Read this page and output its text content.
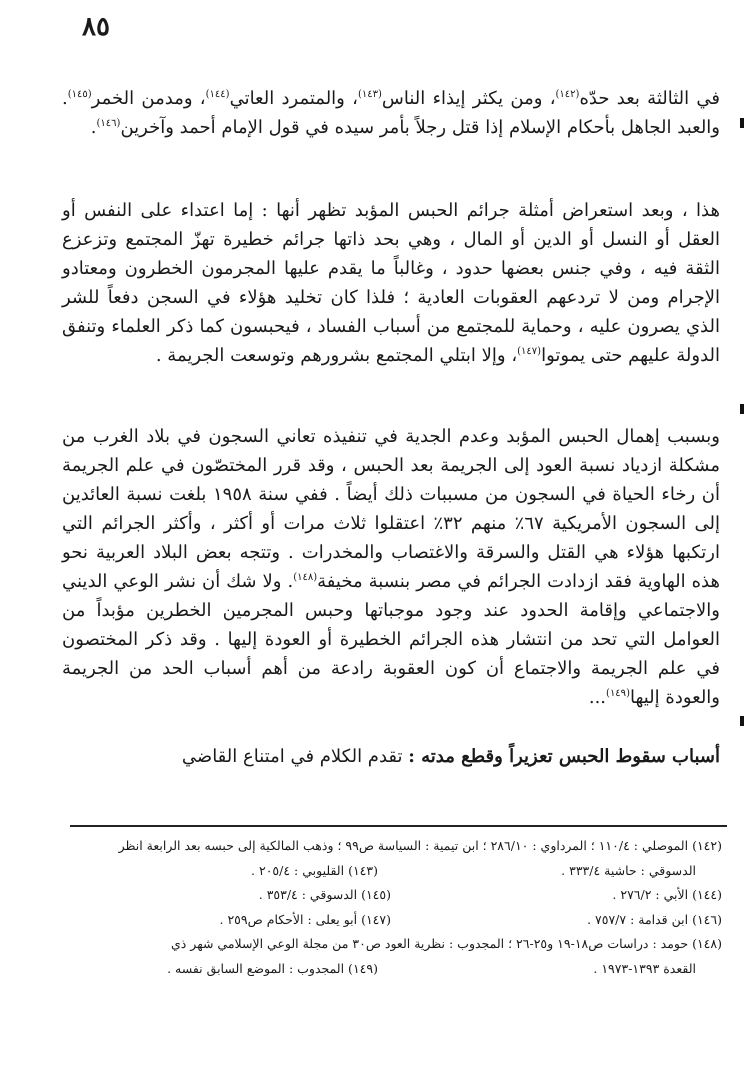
٨٥
في الثالثة بعد حدّه$^{(١٤٢)}$، ومن يكثر إيذاء الناس$^{(١٤٣)}$، والمتمرد العاتي$^{(١٤٤)}$، ومدمن الخمر$^{(١٤٥)}$. والعبد الجاهل بأحكام الإسلام إذا قتل رجلاً بأمر سيده في قول الإمام أحمد وآخرين$^{(١٤٦)}$.
هذا ، وبعد استعراض أمثلة جرائم الحبس المؤبد تظهر أنها : إما اعتداء على النفس أو العقل أو النسل أو الدين أو المال ، وهي بحد ذاتها جرائم خطيرة تهزّ المجتمع وتزعزع الثقة فيه ، وفي جنس بعضها حدود ، وغالباً ما يقدم عليها المجرمون الخطرون ومعتادو الإجرام ومن لا تردعهم العقوبات العادية ؛ فلذا كان تخليد هؤلاء في السجن دفعاً للشر الذي يصرون عليه ، وحماية للمجتمع من أسباب الفساد ، فيحبسون كما ذكر العلماء وتنفق الدولة عليهم حتى يموتوا$^{(١٤٧)}$، وإلا ابتلي المجتمع بشرورهم وتوسعت الجريمة .
وبسبب إهمال الحبس المؤبد وعدم الجدية في تنفيذه تعاني السجون في بلاد الغرب من مشكلة ازدياد نسبة العود إلى الجريمة بعد الحبس ، وقد قرر المختصّون في علم الجريمة أن رخاء الحياة في السجون من مسببات ذلك أيضاً . ففي سنة ١٩٥٨ بلغت نسبة العائدين إلى السجون الأمريكية ٦٧٪ منهم ٣٢٪ اعتقلوا ثلاث مرات أو أكثر ، وأكثر الجرائم التي ارتكبها هؤلاء هي القتل والسرقة والاغتصاب والمخدرات . وتتجه بعض البلاد العربية نحو هذه الهاوية فقد ازدادت الجرائم في مصر بنسبة مخيفة$^{(١٤٨)}$. ولا شك أن نشر الوعي الديني والاجتماعي وإقامة الحدود عند وجود موجباتها وحبس المجرمين الخطرين مؤبداً من العوامل التي تحد من انتشار هذه الجرائم الخطيرة أو العودة إليها . وقد ذكر المختصون في علم الجريمة والاجتماع أن كون العقوبة رادعة من أهم أسباب الحد من الجريمة والعودة إليها$^{(١٤٩)}$...
أسباب سقوط الحبس تعزيراً وقطع مدته : تقدم الكلام في امتناع القاضي
(١٤٢) الموصلي : ١١٠/٤ ؛ المرداوي : ٢٨٦/١٠ ؛ ابن تيمية : السياسة ص٩٩ ؛ وذهب المالكية إلى حبسه بعد الرابعة انظر
الدسوقي : حاشية ٣٣٣/٤ .
(١٤٣) القليوبي : ٢٠٥/٤ .
(١٤٤) الأبي : ٢٧٦/٢ .
(١٤٥) الدسوقي : ٣٥٣/٤ .
(١٤٦) ابن قدامة : ٧٥٧/٧ .
(١٤٧) أبو يعلى : الأحكام ص٢٥٩ .
(١٤٨) حومد : دراسات ص١٨-١٩ و٢٥-٢٦ ؛ المجدوب : نظرية العود ص٣٠ من مجلة الوعي الإسلامي شهر ذي
القعدة ١٣٩٣-١٩٧٣ .
(١٤٩) المجدوب : الموضع السابق نفسه .
